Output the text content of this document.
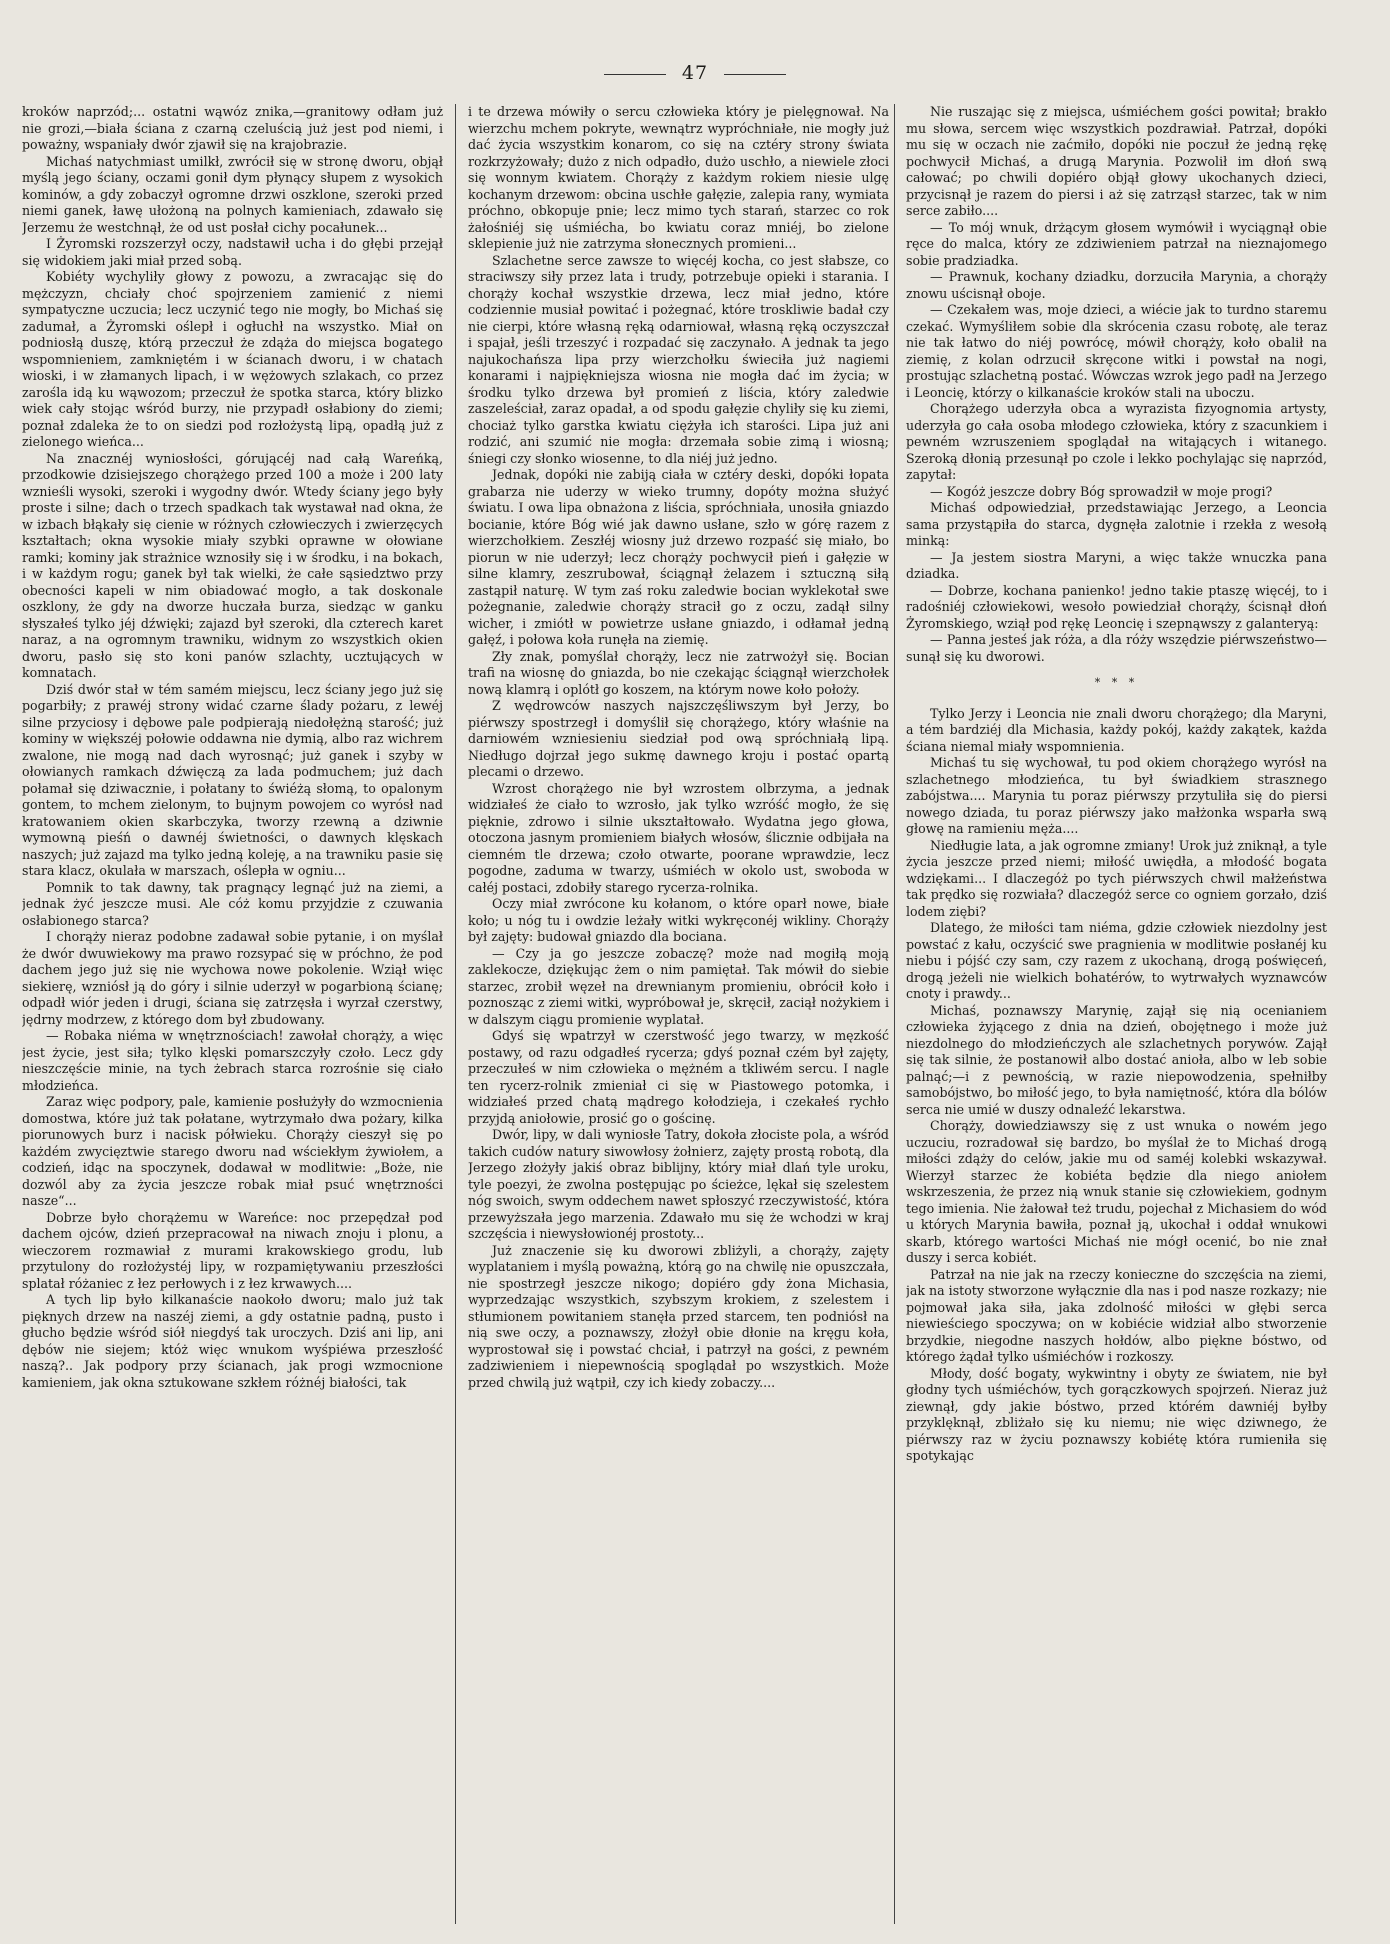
47

kroków naprzód;... ostatni wąwóz znika,—granitowy odłam już nie grozi,—biała ściana z czarną czeluścią już jest pod niemi, i poważny, wspaniały dwór zjawił się na krajobrazie.

Michaś natychmiast umilkł, zwrócił się w stronę dworu, objął myślą jego ściany, oczami gonił dym płynący słupem z wysokich kominów, a gdy zobaczył ogromne drzwi oszklone, szeroki przed niemi ganek, ławę ułożoną na polnych kamieniach, zdawało się Jerzemu że westchnął, że od ust posłał cichy pocałunek...

I Żyromski rozszerzył oczy, nadstawił ucha i do głębi przejął się widokiem jaki miał przed sobą.

Kobiéty wychyliły głowy z powozu, a zwracając się do mężczyzn, chciały choć spojrzeniem zamienić z niemi sympatyczne uczucia; lecz uczynić tego nie mogły, bo Michaś się zadumał, a Żyromski oślepł i ogłuchł na wszystko. Miał on podniosłą duszę, którą przeczuł że zdąża do miejsca bogatego wspomnieniem, zamkniętém i w ścianach dworu, i w chatach wioski, i w złamanych lipach, i w wężowych szlakach, co przez zarośla idą ku wąwozom; przeczuł że spotka starca, który blizko wiek cały stojąc wśród burzy, nie przypadł osłabiony do ziemi; poznał zdaleka że to on siedzi pod rozłożystą lipą, opadłą już z zielonego wieńca...

Na znacznéj wyniosłości, górującéj nad całą Wareńką, przodkowie dzisiejszego chorążego przed 100 a może i 200 laty wznieśli wysoki, szeroki i wygodny dwór. Wtedy ściany jego były proste i silne; dach o trzech spadkach tak wystawał nad okna, że w izbach błąkały się cienie w różnych człowieczych i zwierzęcych kształtach; okna wysokie miały szybki oprawne w ołowiane ramki; kominy jak strażnice wznosiły się i w środku, i na bokach, i w każdym rogu; ganek był tak wielki, że całe sąsiedztwo przy obecności kapeli w nim obiadować mogło, a tak doskonale oszklony, że gdy na dworze huczała burza, siedząc w ganku słyszałeś tylko jéj dźwięki; zajazd był szeroki, dla czterech karet naraz, a na ogromnym trawniku, widnym zo wszystkich okien dworu, pasło się sto koni panów szlachty, ucztujących w komnatach.

Dziś dwór stał w tém samém miejscu, lecz ściany jego już się pogarbiły; z prawéj strony widać czarne ślady pożaru, z lewéj silne przyciosy i dębowe pale podpierają niedołężną starość; już kominy w większéj połowie oddawna nie dymią, albo raz wichrem zwalone, nie mogą nad dach wyrosnąć; już ganek i szyby w ołowianych ramkach dźwięczą za lada podmuchem; już dach połamał się dziwacznie, i połatany to świéżą słomą, to opalonym gontem, to mchem zielonym, to bujnym powojem co wyrósł nad kratowaniem okien skarbczyka, tworzy rzewną a dziwnie wymowną pieśń o dawnéj świetności, o dawnych klęskach naszych; już zajazd ma tylko jedną koleję, a na trawniku pasie się stara klacz, okulała w marszach, oślepła w ogniu...

Pomnik to tak dawny, tak pragnący legnąć już na ziemi, a jednak żyć jeszcze musi. Ale cóż komu przyjdzie z czuwania osłabionego starca?

I chorąży nieraz podobne zadawał sobie pytanie, i on myślał że dwór dwuwiekowy ma prawo rozsypać się w próchno, że pod dachem jego już się nie wychowa nowe pokolenie. Wziął więc siekierę, wzniósł ją do góry i silnie uderzył w pogarbioną ścianę; odpadł wiór jeden i drugi, ściana się zatrzęsła i wyrzał czerstwy, jędrny modrzew, z którego dom był zbudowany.

— Robaka niéma w wnętrznościach! zawołał chorąży, a więc jest życie, jest siła; tylko klęski pomarszczyły czoło. Lecz gdy nieszczęście minie, na tych żebrach starca rozrośnie się ciało młodzieńca.

Zaraz więc podpory, pale, kamienie posłużyły do wzmocnienia domostwa, które już tak połatane, wytrzymało dwa pożary, kilka piorunowych burz i nacisk półwieku. Chorąży cieszył się po każdém zwycięztwie starego dworu nad wściekłym żywiołem, a codzień, idąc na spoczynek, dodawał w modlitwie: „Boże, nie dozwól aby za życia jeszcze robak miał psuć wnętrzności nasze“...

Dobrze było chorążemu w Wareńce: noc przepędzał pod dachem ojców, dzień przepracował na niwach znoju i plonu, a wieczorem rozmawiał z murami krakowskiego grodu, lub przytulony do rozłożystéj lipy, w rozpamiętywaniu przeszłości splatał różaniec z łez perłowych i z łez krwawych....

A tych lip było kilkanaście naokoło dworu; malo już tak pięknych drzew na naszéj ziemi, a gdy ostatnie padną, pusto i głucho będzie wśród siół niegdyś tak uroczych. Dziś ani lip, ani dębów nie siejem; któż więc wnukom wyśpiéwa przeszłość naszą?.. Jak podpory przy ścianach, jak progi wzmocnione kamieniem, jak okna sztukowane szkłem różnéj białości, tak

i te drzewa mówiły o sercu człowieka który je pielęgnował. Na wierzchu mchem pokryte, wewnątrz wypróchniałe, nie mogły już dać życia wszystkim konarom, co się na cztéry strony świata rozkrzyżowały; dużo z nich odpadło, dużo uschło, a niewiele złoci się wonnym kwiatem. Chorąży z każdym rokiem niesie ulgę kochanym drzewom: obcina uschłe gałęzie, zalepia rany, wymiata próchno, obkopuje pnie; lecz mimo tych starań, starzec co rok żałośniéj się uśmiécha, bo kwiatu coraz mniéj, bo zielone sklepienie już nie zatrzyma słonecznych promieni...

Szlachetne serce zawsze to więcéj kocha, co jest słabsze, co straciwszy siły przez lata i trudy, potrzebuje opieki i starania. I chorąży kochał wszystkie drzewa, lecz miał jedno, które codziennie musiał powitać i pożegnać, które troskliwie badał czy nie cierpi, które własną ręką odarniował, własną ręką oczyszczał i spajał, jeśli trzeszyć i rozpadać się zaczynało. A jednak ta jego najukochańsza lipa przy wierzchołku świeciła już nagiemi konarami i najpiękniejsza wiosna nie mogła dać im życia; w środku tylko drzewa był promień z liścia, który zaledwie zaszeleściał, zaraz opadał, a od spodu gałęzie chyliły się ku ziemi, chociaż tylko garstka kwiatu ciężyła ich starości. Lipa już ani rodzić, ani szumić nie mogła: drzemała sobie zimą i wiosną; śniegi czy słonko wiosenne, to dla niéj już jedno.

Jednak, dopóki nie zabiją ciała w cztéry deski, dopóki łopata grabarza nie uderzy w wieko trumny, dopóty można służyć światu. I owa lipa obnażona z liścia, spróchniała, unosiła gniazdo bocianie, które Bóg wié jak dawno usłane, szło w górę razem z wierzchołkiem. Zeszłéj wiosny już drzewo rozpaść się miało, bo piorun w nie uderzył; lecz chorąży pochwycił pień i gałęzie w silne klamry, zeszrubował, ściągnął żelazem i sztuczną siłą zastąpił naturę. W tym zaś roku zaledwie bocian wyklekotał swe pożegnanie, zaledwie chorąży stracił go z oczu, zadął silny wicher, i zmiótł w powietrze usłane gniazdo, i odłamał jedną gałęź, i połowa koła runęła na ziemię.

Zły znak, pomyślał chorąży, lecz nie zatrwożył się. Bocian trafi na wiosnę do gniazda, bo nie czekając ściągnął wierzchołek nową klamrą i oplótł go koszem, na którym nowe koło położy.

Z wędrowców naszych najszczęśliwszym był Jerzy, bo piérwszy spostrzegł i domyślił się chorążego, który właśnie na darniowém wzniesieniu siedział pod ową spróchniałą lipą. Niedługo dojrzał jego sukmę dawnego kroju i postać opartą plecami o drzewo.

Wzrost chorążego nie był wzrostem olbrzyma, a jednak widziałeś że ciało to wzrosło, jak tylko wzróść mogło, że się pięknie, zdrowo i silnie ukształtowało. Wydatna jego głowa, otoczona jasnym promieniem białych włosów, ślicznie odbijała na ciemném tle drzewa; czoło otwarte, poorane wprawdzie, lecz pogodne, zaduma w twarzy, uśmiéch w okolo ust, swoboda w całéj postaci, zdobiły starego rycerza-rolnika.

Oczy miał zwrócone ku kołanom, o które oparł nowe, białe koło; u nóg tu i owdzie leżały witki wykręconéj wikliny. Chorąży był zajęty: budował gniazdo dla bociana.

— Czy ja go jeszcze zobaczę? może nad mogiłą moją zaklekocze, dziękując żem o nim pamiętał. Tak mówił do siebie starzec, zrobił węzeł na drewnianym promieniu, obrócił koło i poznosząc z ziemi witki, wypróbował je, skręcił, zaciął nożykiem i w dalszym ciągu promienie wyplatał.

Gdyś się wpatrzył w czerstwość jego twarzy, w męzkość postawy, od razu odgadłeś rycerza; gdyś poznał czém był zajęty, przeczułeś w nim człowieka o mężném a tkliwém sercu. I nagle ten rycerz-rolnik zmieniał ci się w Piastowego potomka, i widziałeś przed chatą mądrego kołodzieja, i czekałeś rychło przyjdą aniołowie, prosić go o gościnę.

Dwór, lipy, w dali wyniosłe Tatry, dokoła złociste pola, a wśród takich cudów natury siwowłosy żołnierz, zajęty prostą robotą, dla Jerzego złożyły jakiś obraz biblijny, który miał dlań tyle uroku, tyle poezyi, że zwolna postępując po ścieżce, lękał się szelestem nóg swoich, swym oddechem nawet spłoszyć rzeczywistość, która przewyższała jego marzenia. Zdawało mu się że wchodzi w kraj szczęścia i niewysłowionéj prostoty...

Już znaczenie się ku dworowi zbliżyli, a chorąży, zajęty wyplataniem i myślą poważną, którą go na chwilę nie opuszczała, nie spostrzegł jeszcze nikogo; dopiéro gdy żona Michasia, wyprzedzając wszystkich, szybszym krokiem, z szelestem i stłumionem powitaniem stanęła przed starcem, ten podniósł na nią swe oczy, a poznawszy, złożył obie dłonie na kręgu koła, wyprostował się i powstać chciał, i patrzył na gości, z pewném zadziwieniem i niepewnością spoglądał po wszystkich. Może przed chwilą już wątpił, czy ich kiedy zobaczy....

Nie ruszając się z miejsca, uśmiéchem gości powitał; brakło mu słowa, sercem więc wszystkich pozdrawiał. Patrzał, dopóki mu się w oczach nie zaćmiło, dopóki nie poczuł że jedną rękę pochwycił Michaś, a drugą Marynia. Pozwolił im dłoń swą całować; po chwili dopiéro objął głowy ukochanych dzieci, przycisnął je razem do piersi i aż się zatrząsł starzec, tak w nim serce zabiło....

— To mój wnuk, drżącym głosem wymówił i wyciągnął obie ręce do malca, który ze zdziwieniem patrzał na nieznajomego sobie pradziadka.

— Prawnuk, kochany dziadku, dorzuciła Marynia, a chorąży znowu uścisnął oboje.

— Czekałem was, moje dzieci, a wiécie jak to turdno staremu czekać. Wymyśliłem sobie dla skrócenia czasu robotę, ale teraz nie tak łatwo do niéj powrócę, mówił chorąży, koło obalił na ziemię, z kolan odrzucił skręcone witki i powstał na nogi, prostując szlachetną postać. Wówczas wzrok jego padł na Jerzego i Leoncię, którzy o kilkanaście kroków stali na uboczu.

Chorążego uderzyła obca a wyrazista fizyognomia artysty, uderzyła go cała osoba młodego człowieka, który z szacunkiem i pewném wzruszeniem spoglądał na witających i witanego. Szeroką dłonią przesunął po czole i lekko pochylając się naprzód, zapytał:

— Kogóż jeszcze dobry Bóg sprowadził w moje progi?

Michaś odpowiedział, przedstawiając Jerzego, a Leoncia sama przystąpiła do starca, dygnęła zalotnie i rzekła z wesołą minką:

— Ja jestem siostra Maryni, a więc także wnuczka pana dziadka.

— Dobrze, kochana panienko! jedno takie ptaszę więcéj, to i radośniéj człowiekowi, wesoło powiedział chorąży, ścisnął dłoń Żyromskiego, wziął pod rękę Leoncię i szepnąwszy z galanteryą:

— Panna jesteś jak róża, a dla róży wszędzie piérwszeństwo—sunął się ku dworowi.

* * *

Tylko Jerzy i Leoncia nie znali dworu chorążego; dla Maryni, a tém bardziéj dla Michasia, każdy pokój, każdy zakątek, każda ściana niemal miały wspomnienia.

Michaś tu się wychował, tu pod okiem chorążego wyrósł na szlachetnego młodzieńca, tu był świadkiem strasznego zabójstwa.... Marynia tu poraz piérwszy przytuliła się do piersi nowego dziada, tu poraz piérwszy jako małżonka wsparła swą głowę na ramieniu męża....

Niedługie lata, a jak ogromne zmiany! Urok już zniknął, a tyle życia jeszcze przed niemi; miłość uwiędła, a młodość bogata wdziękami... I dlaczegóż po tych piérwszych chwil małżeństwa tak prędko się rozwiała? dlaczegóż serce co ogniem gorzało, dziś lodem ziębi?

Dlatego, że miłości tam niéma, gdzie człowiek niezdolny jest powstać z kału, oczyścić swe pragnienia w modlitwie posłanéj ku niebu i pójść czy sam, czy razem z ukochaną, drogą poświęceń, drogą jeżeli nie wielkich bohatérów, to wytrwałych wyznawców cnoty i prawdy...

Michaś, poznawszy Marynię, zajął się nią ocenianiem człowieka żyjącego z dnia na dzień, obojętnego i może już niezdolnego do młodzieńczych ale szlachetnych porywów. Zajął się tak silnie, że postanowił albo dostać anioła, albo w leb sobie palnąć;—i z pewnością, w razie niepowodzenia, spełniłby samobójstwo, bo miłość jego, to była namiętność, która dla bólów serca nie umié w duszy odnaleźć lekarstwa.

Chorąży, dowiedziawszy się z ust wnuka o nowém jego uczuciu, rozradował się bardzo, bo myślał że to Michaś drogą miłości zdąży do celów, jakie mu od saméj kolebki wskazywał. Wierzył starzec że kobiéta będzie dla niego aniołem wskrzeszenia, że przez nią wnuk stanie się człowiekiem, godnym tego imienia. Nie żałował też trudu, pojechał z Michasiem do wód u których Marynia bawiła, poznał ją, ukochał i oddał wnukowi skarb, którego wartości Michaś nie mógł ocenić, bo nie znał duszy i serca kobiét.

Patrzał na nie jak na rzeczy konieczne do szczęścia na ziemi, jak na istoty stworzone wyłącznie dla nas i pod nasze rozkazy; nie pojmował jaka siła, jaka zdolność miłości w głębi serca niewieściego spoczywa; on w kobiécie widział albo stworzenie brzydkie, niegodne naszych hołdów, albo piękne bóstwo, od którego żądał tylko uśmiéchów i rozkoszy.

Młody, dość bogaty, wykwintny i obyty ze światem, nie był głodny tych uśmiéchów, tych gorączkowych spojrzeń. Nieraz już ziewnął, gdy jakie bóstwo, przed którém dawniéj byłby przyklęknął, zbliżało się ku niemu; nie więc dziwnego, że piérwszy raz w życiu poznawszy kobiétę która rumieniła się spotykając
